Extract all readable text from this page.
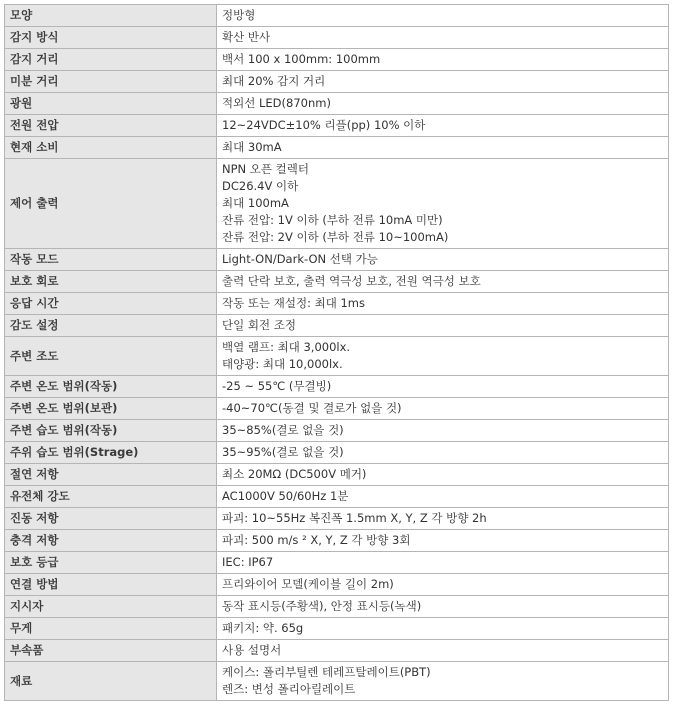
모양	정방형

감지 방식	확산 반사

감지 거리	백서 100 x 100mm: 100mm

미분 거리	최대 20% 감지 거리

광원	적외선 LED(870nm)

전원 전압	12~24VDC±10% 리플(pp) 10% 이하

현재 소비	최대 30mA

제어 출력	NPN 오픈 컬렉터
DC26.4V 이하
최대 100mA
잔류 전압: 1V 이하 (부하 전류 10mA 미만)
잔류 전압: 2V 이하 (부하 전류 10~100mA)

작동 모드	Light-ON/Dark-ON 선택 가능

보호 회로	출력 단락 보호, 출력 역극성 보호, 전원 역극성 보호

응답 시간	작동 또는 재설정: 최대 1ms

감도 설정	단일 회전 조정

주변 조도	백열 램프: 최대 3,000lx.
태양광: 최대 10,000lx.

주변 온도 범위(작동)	-25 ~ 55℃ (무결빙)

주변 온도 범위(보관)	-40~70℃(동결 및 결로가 없을 것)

주변 습도 범위(작동)	35~85%(결로 없을 것)

주위 습도 범위(Strage)	35~95%(결로 없을 것)

절연 저항	최소 20MΩ (DC500V 메거)

유전체 강도	AC1000V 50/60Hz 1분

진동 저항	파괴: 10~55Hz 복진폭 1.5mm X, Y, Z 각 방향 2h

충격 저항	파괴: 500 m/s ² X, Y, Z 각 방향 3회

보호 등급	IEC: IP67

연결 방법	프리와이어 모델(케이블 길이 2m)

지시자	동작 표시등(주황색), 안정 표시등(녹색)

무게	패키지: 약. 65g

부속품	사용 설명서

재료	케이스: 폴리부틸렌 테레프탈레이트(PBT)
렌즈: 변성 폴리아릴레이트
